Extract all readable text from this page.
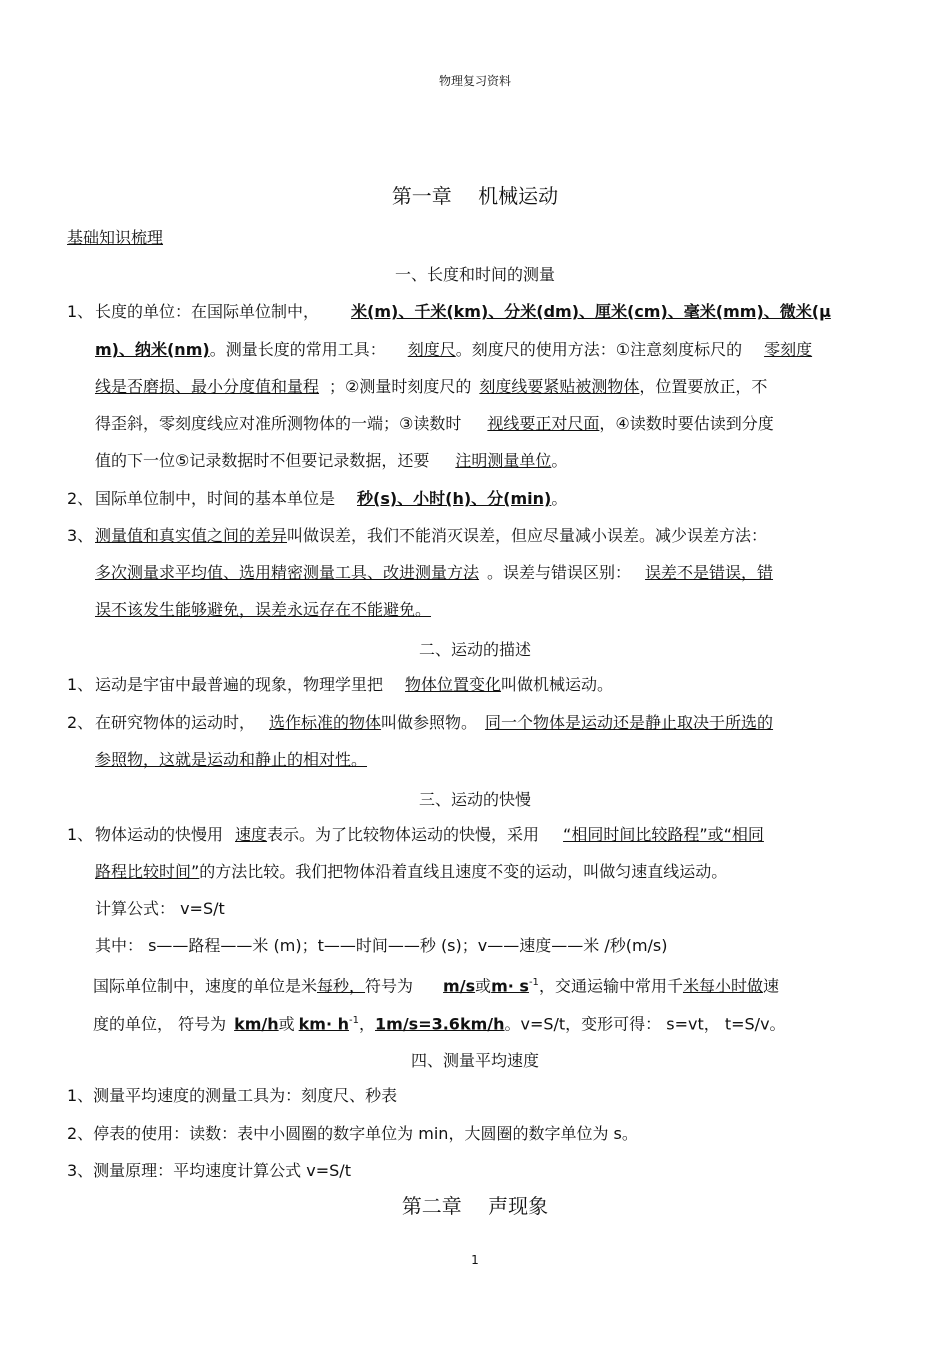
物理复习资料
第一章　 机械运动
基础知识梳理
一、长度和时间的测量
1、 长度的单位：在国际单位制中， 米(m)、千米(km)、分米(dm)、厘米(cm)、毫米(mm)、微米(μ
m)、纳米(nm)。测量长度的常用工具： 刻度尺。刻度尺的使用方法：①注意刻度标尺的 零刻度
线是否磨损、最小分度值和量程 ；②测量时刻度尺的 刻度线要紧贴被测物体，位置要放正，不
得歪斜，零刻度线应对准所测物体的一端；③读数时 视线要正对尺面，④读数时要估读到分度
值的下一位⑤记录数据时不但要记录数据，还要 注明测量单位。
2、 国际单位制中，时间的基本单位是 秒(s)、小时(h)、分(min)。
3、 测量值和真实值之间的差异叫做误差，我们不能消灭误差，但应尽量减小误差。减少误差方法：
多次测量求平均值、选用精密测量工具、改进测量方法 。误差与错误区别： 误差不是错误，错
误不该发生能够避免，误差永远存在不能避免。
二、运动的描述
1、 运动是宇宙中最普遍的现象，物理学里把 物体位置变化叫做机械运动。
2、 在研究物体的运动时， 选作标准的物体叫做参照物。 同一个物体是运动还是静止取决于所选的
参照物，这就是运动和静止的相对性。
三、运动的快慢
1、 物体运动的快慢用 速度表示。为了比较物体运动的快慢，采用 “相同时间比较路程”或“相同
路程比较时间”的方法比较。我们把物体沿着直线且速度不变的运动，叫做匀速直线运动。
计算公式： v=S/t
其中： s——路程——米 (m)；t——时间——秒 (s)；v——速度——米 /秒(m/s)
国际单位制中，速度的单位是米每秒，符号为 m/s或$m\cdot s^{-1}$，交通运输中常用千米每小时做速
度的单位， 符号为 km/h或 $km\cdot h^{-1}$，1m/s=3.6km/h。v=S/t，变形可得： s=vt， t=S/v。
四、测量平均速度
1、测量平均速度的测量工具为：刻度尺、秒表
2、停表的使用：读数：表中小圆圈的数字单位为 min，大圆圈的数字单位为 s。
3、测量原理：平均速度计算公式 v=S/t
第二章　 声现象
1
